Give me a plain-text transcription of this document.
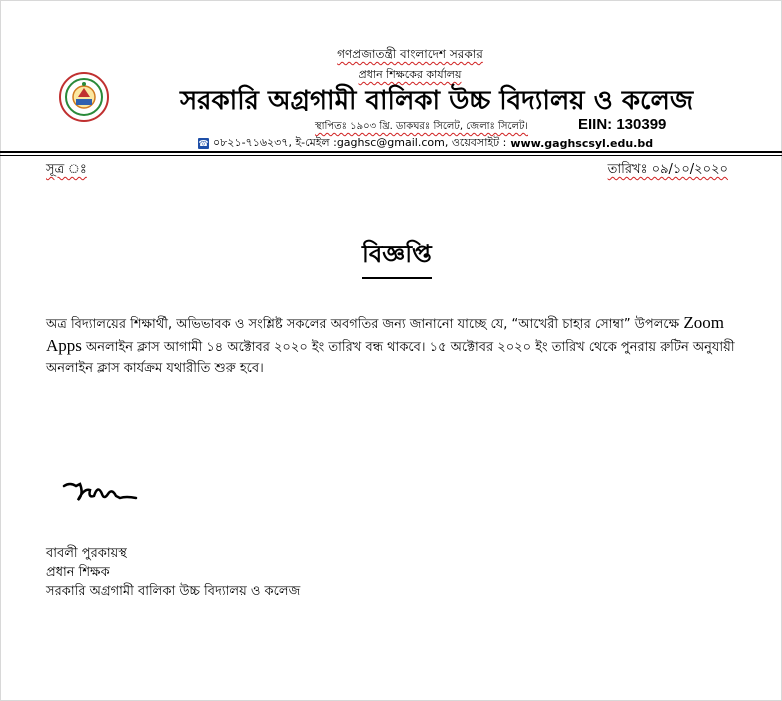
গণপ্রজাতন্ত্রী বাংলাদেশ সরকার
প্রধান শিক্ষকের কার্যালয়
সরকারি অগ্রগামী বালিকা উচ্চ বিদ্যালয় ও কলেজ
স্থাপিতঃ ১৯০৩ খ্রি. ডাকঘরঃ সিলেট, জেলাঃ সিলেট।	EIIN: 130399
☎ ০৮২১-৭১৬২৩৭, ই-মেইল :gaghsc@gmail.com, ওয়েবসাইট : www.gaghscsyl.edu.bd
সূত্র ঃ	তারিখঃ ০৯/১০/২০২০
বিজ্ঞপ্তি
অত্র বিদ্যালয়ের শিক্ষার্থী, অভিভাবক ও সংশ্লিষ্ট সকলের অবগতির জন্য জানানো যাচ্ছে যে, “আখেরী চাহার সোম্বা” উপলক্ষে Zoom Apps অনলাইন ক্লাস আগামী ১৪ অক্টোবর ২০২০ ইং তারিখ বন্ধ থাকবে। ১৫ অক্টোবর ২০২০ ইং তারিখ থেকে পুনরায় রুটিন অনুযায়ী অনলাইন ক্লাস কার্যক্রম যথারীতি শুরু হবে।
বাবলী পুরকায়স্থ
প্রধান শিক্ষক
সরকারি অগ্রগামী বালিকা উচ্চ বিদ্যালয় ও কলেজ
